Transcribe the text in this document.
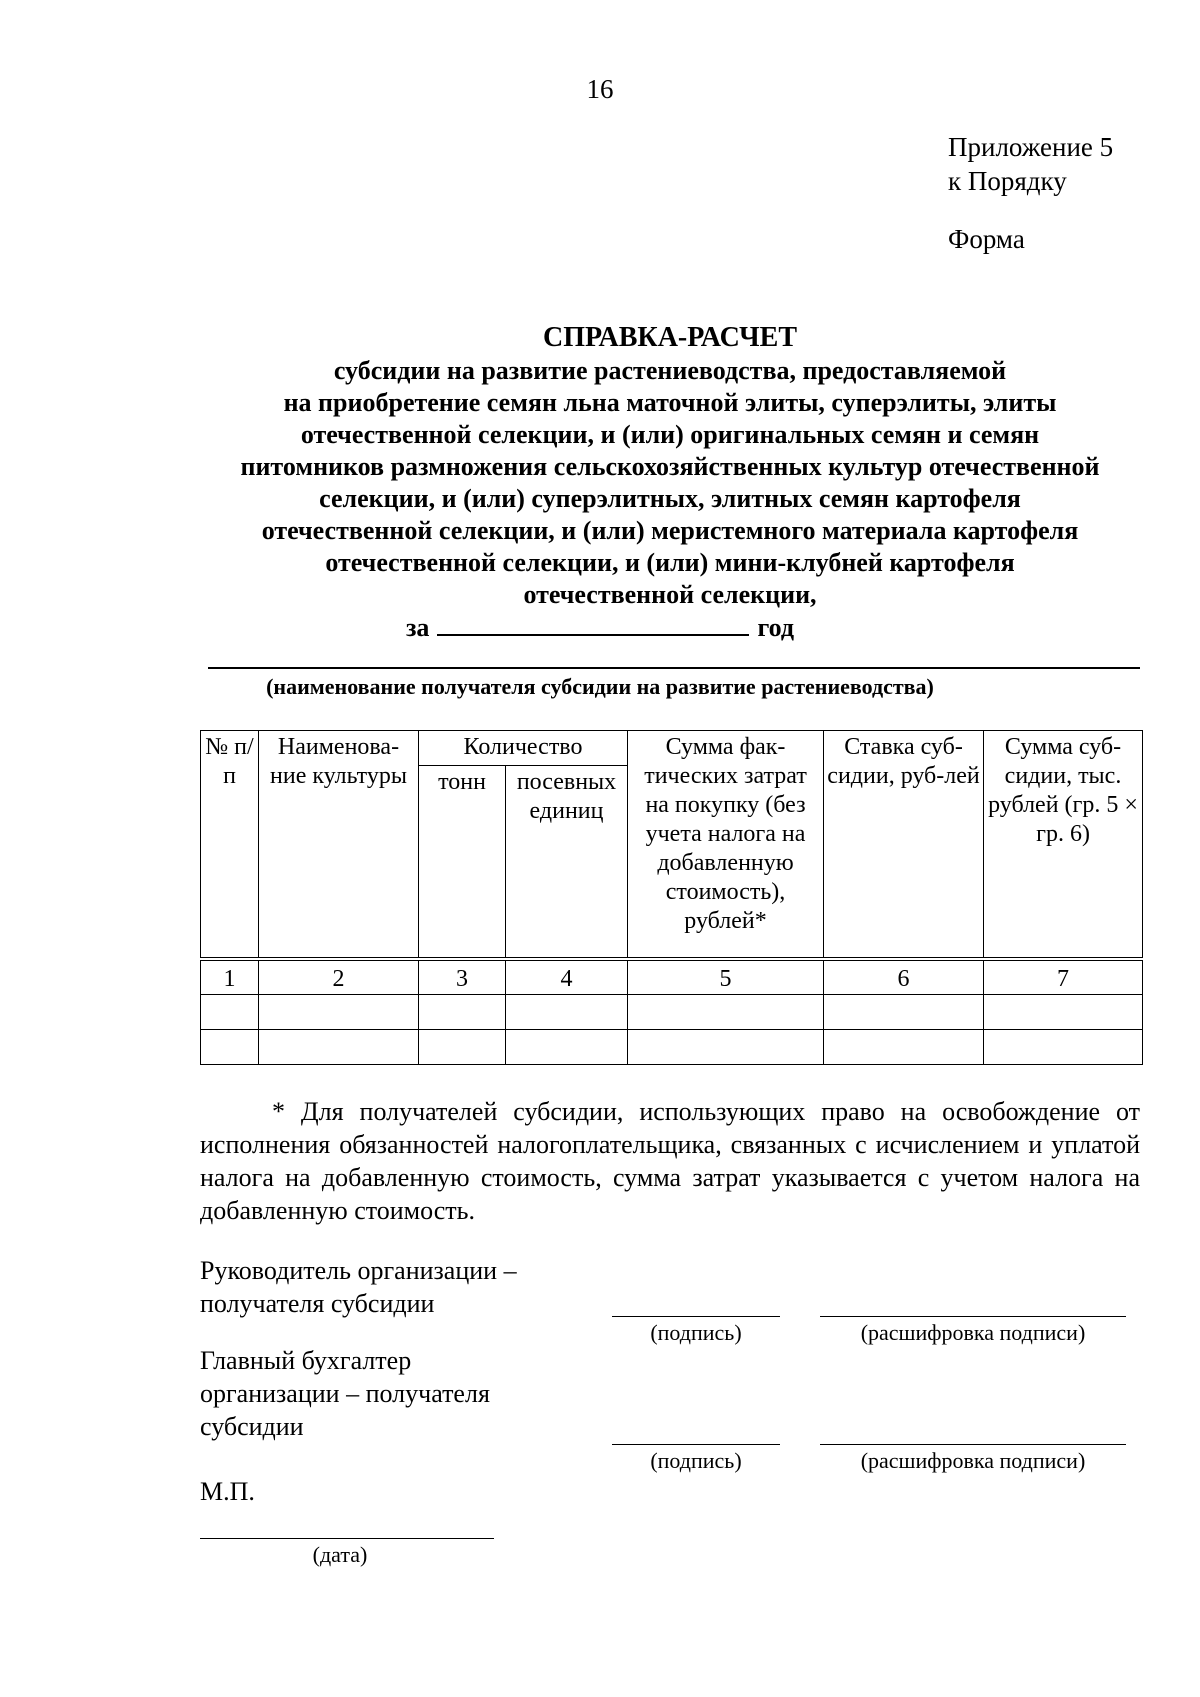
16
Приложение 5
к Порядку
Форма
СПРАВКА-РАСЧЕТ
субсидии на развитие растениеводства, предоставляемой
на приобретение семян льна маточной элиты, суперэлиты, элиты
отечественной селекции, и (или) оригинальных семян и семян
питомников размножения сельскохозяйственных культур отечественной
селекции, и (или) суперэлитных, элитных семян картофеля
отечественной селекции, и (или) меристемного материала картофеля
отечественной селекции, и (или) мини-клубней картофеля
отечественной селекции,
за	год
(наименование получателя субсидии на развитие растениеводства)
№ п/п	Наименова-ние культуры	Количество		Сумма фак-тических затрат на покупку (без учета налога на добавленную стоимость), рублей*	Ставка суб-сидии, руб-лей	Сумма суб-сидии, тыс. рублей (гр. 5 × гр. 6)
		тонн	посевных единиц			
1	2	3	4	5	6	7

* Для получателей субсидии, использующих право на освобождение от исполнения обязанностей налогоплательщика, связанных с исчислением и уплатой налога на добавленную стоимость, сумма затрат указывается с учетом налога на добавленную стоимость.
Руководитель организации –
получателя субсидии
(подпись)	(расшифровка подписи)
Главный бухгалтер
организации – получателя
субсидии
(подпись)	(расшифровка подписи)
М.П.
(дата)
